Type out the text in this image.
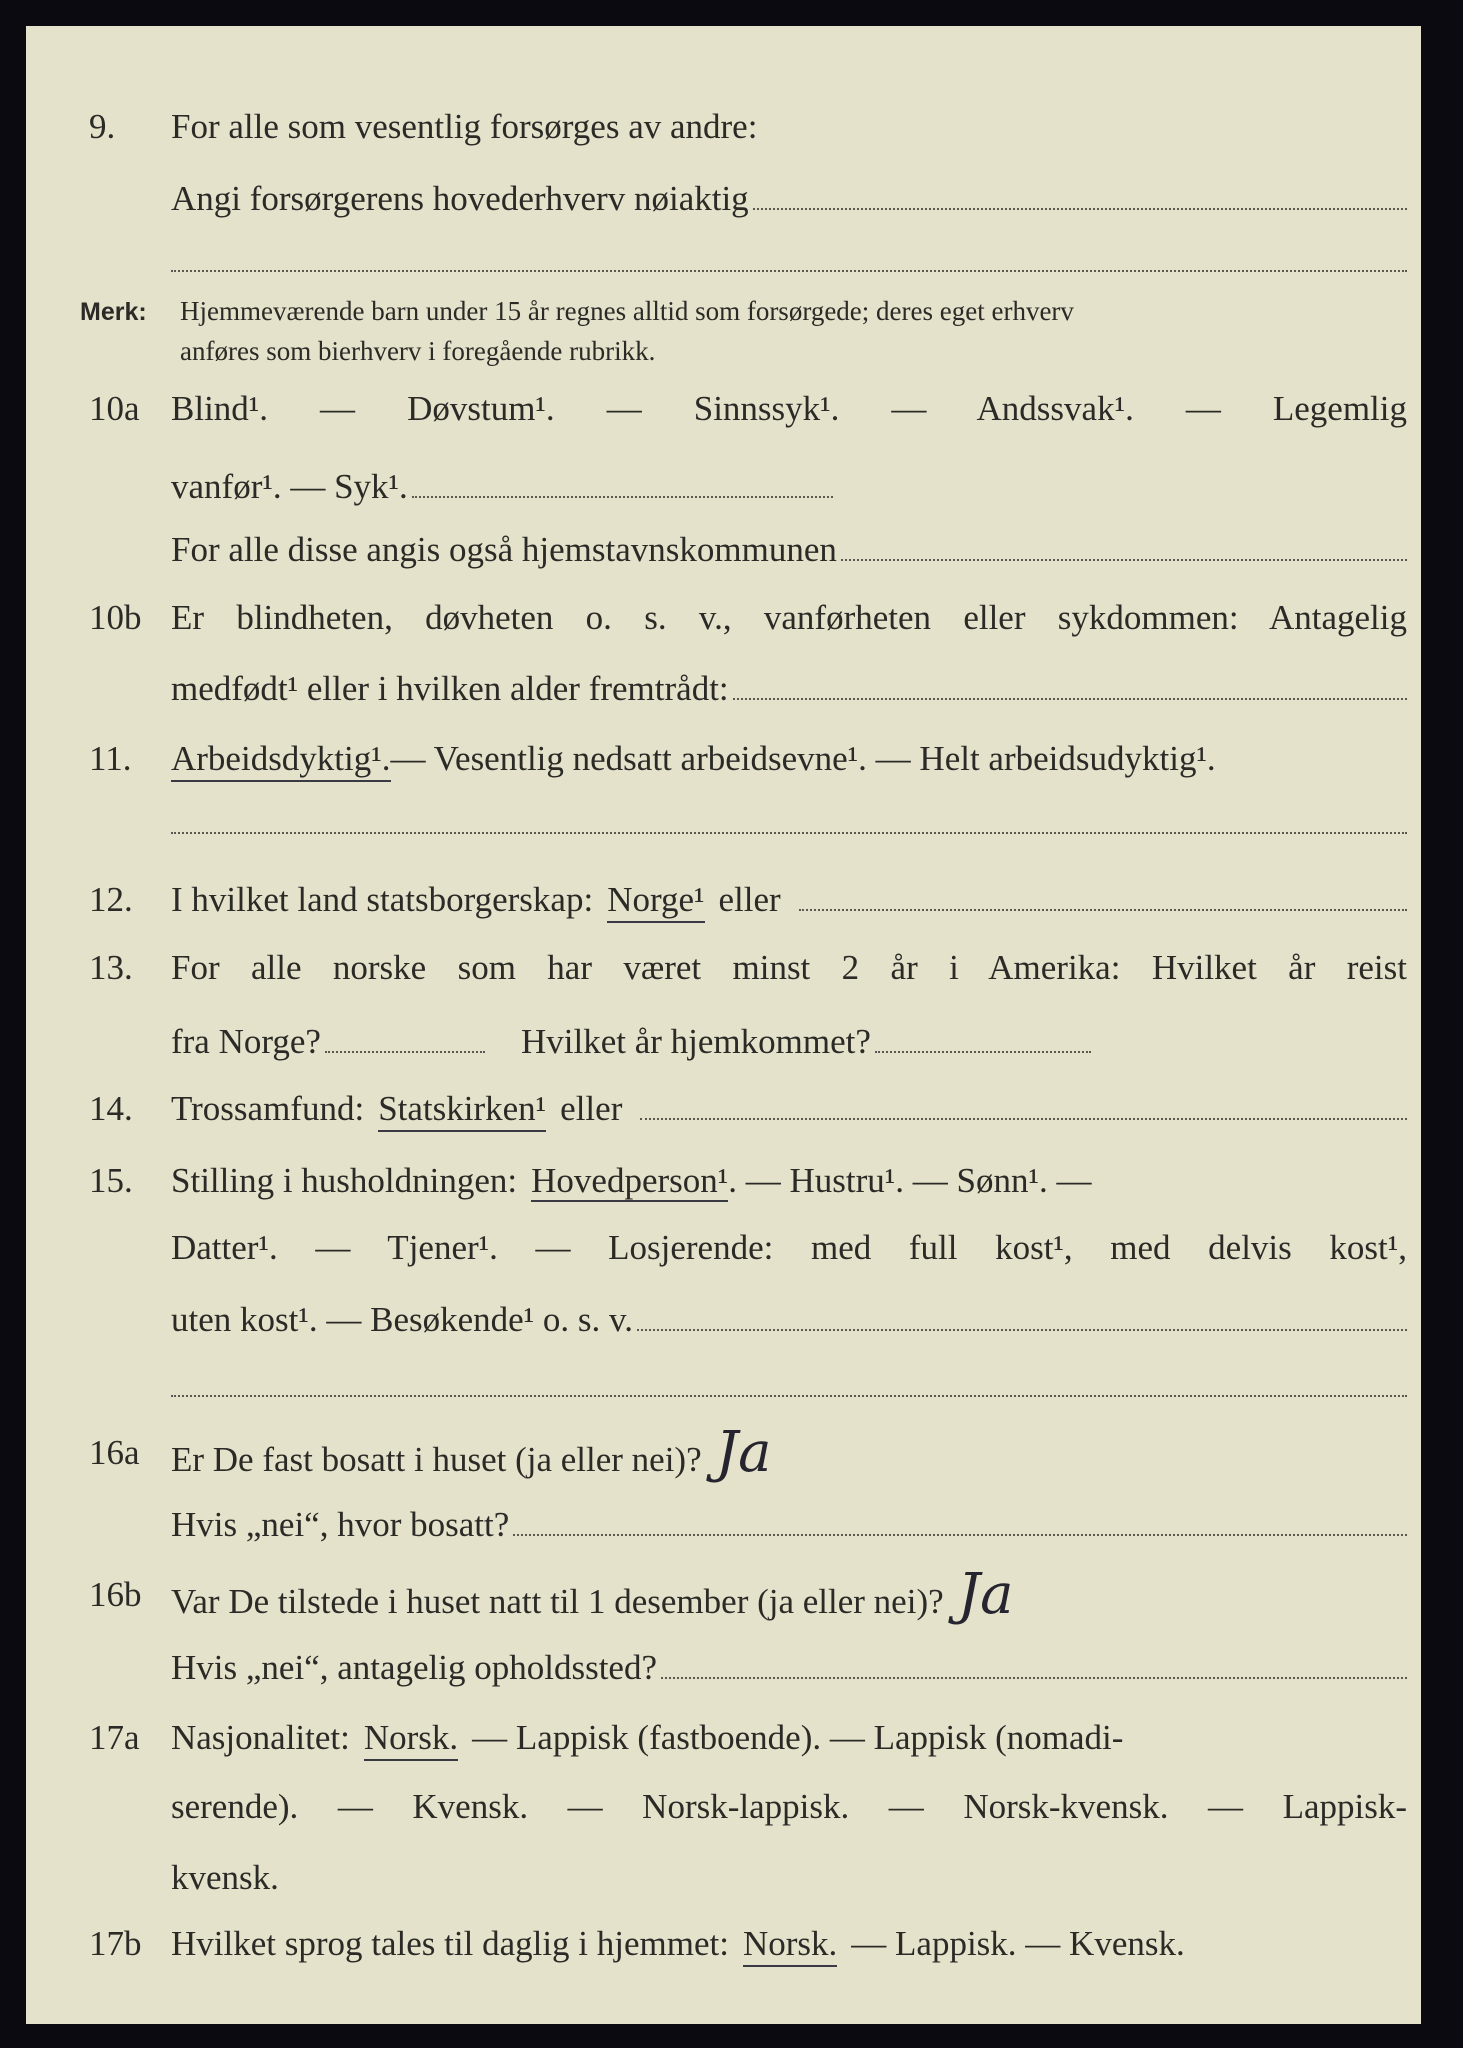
9. For alle som vesentlig forsørges av andre:
Angi forsørgerens hovederhverv nøiaktig
Merk: Hjemmeværende barn under 15 år regnes alltid som forsørgede; deres eget erhverv
anføres som bierhverv i foregående rubrikk.
10a Blind¹. — Døvstum¹. — Sinnssyk¹. — Andssvak¹. — Legemlig
vanfør¹. — Syk¹.
For alle disse angis også hjemstavnskommunen
10b Er blindheten, døvheten o. s. v., vanførheten eller sykdommen: Antagelig
medfødt¹ eller i hvilken alder fremtrådt:
11. Arbeidsdyktig¹. — Vesentlig nedsatt arbeidsevne¹. — Helt arbeidsudyktig¹.
12. I hvilket land statsborgerskap: Norge¹ eller
13. For alle norske som har været minst 2 år i Amerika: Hvilket år reist
fra Norge?	Hvilket år hjemkommet?
14. Trossamfund: Statskirken¹ eller
15. Stilling i husholdningen: Hovedperson¹. — Hustru¹. — Sønn¹. —
Datter¹. — Tjener¹. — Losjerende: med full kost¹, med delvis kost¹,
uten kost¹. — Besøkende¹ o. s. v.
16a Er De fast bosatt i huset (ja eller nei)? Ja
Hvis „nei“, hvor bosatt?
16b Var De tilstede i huset natt til 1 desember (ja eller nei)? Ja
Hvis „nei“, antagelig opholdssted?
17a Nasjonalitet: Norsk. — Lappisk (fastboende). — Lappisk (nomadi-
serende). — Kvensk. — Norsk-lappisk. — Norsk-kvensk. — Lappisk-
kvensk.
17b Hvilket sprog tales til daglig i hjemmet: Norsk. — Lappisk. — Kvensk.
